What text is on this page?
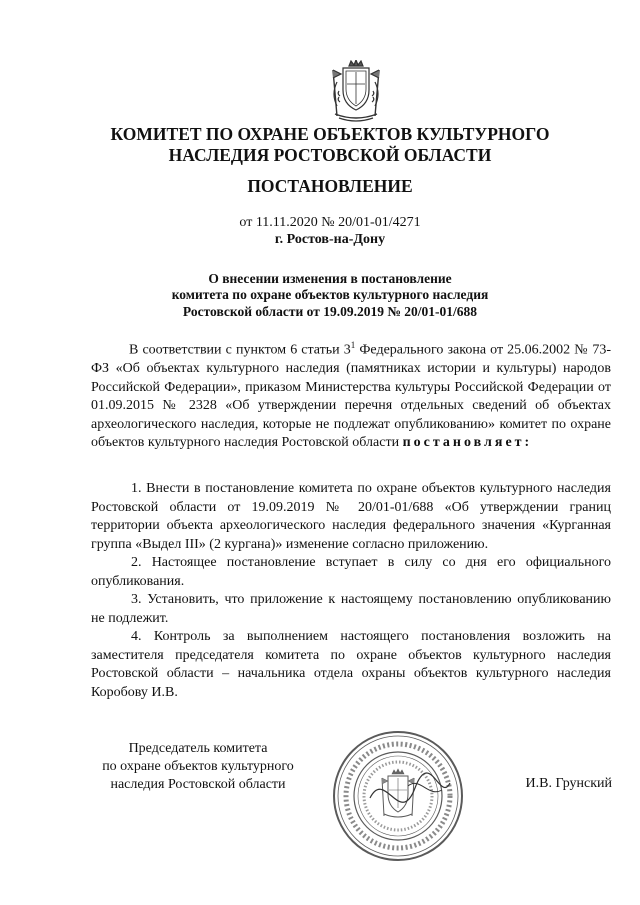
КОМИТЕТ ПО ОХРАНЕ ОБЪЕКТОВ КУЛЬТУРНОГО
НАСЛЕДИЯ РОСТОВСКОЙ ОБЛАСТИ
ПОСТАНОВЛЕНИЕ
от 11.11.2020 № 20/01-01/4271
г. Ростов-на-Дону
О внесении изменения в постановление
комитета по охране объектов культурного наследия
Ростовской области от 19.09.2019 № 20/01-01/688
В соответствии с пунктом 6 статьи $3^1$ Федерального закона от 25.06.2002 № 73-ФЗ «Об объектах культурного наследия (памятниках истории и культуры) народов Российской Федерации», приказом Министерства культуры Российской Федерации от 01.09.2015 № 2328 «Об утверждении перечня отдельных сведений об объектах археологического наследия, которые не подлежат опубликованию» комитет по охране объектов культурного наследия Ростовской области постановляет:

1. Внести в постановление комитета по охране объектов культурного наследия Ростовской области от 19.09.2019 № 20/01-01/688 «Об утверждении границ территории объекта археологического наследия федерального значения «Курганная группа «Выдел III» (2 кургана)» изменение согласно приложению.

2. Настоящее постановление вступает в силу со дня его официального опубликования.

3. Установить, что приложение к настоящему постановлению опубликованию не подлежит.

4. Контроль за выполнением настоящего постановления возложить на заместителя председателя комитета по охране объектов культурного наследия Ростовской области – начальника отдела охраны объектов культурного наследия Коробову И.В.

Председатель комитета
по охране объектов культурного
наследия Ростовской области	И.В. Грунский
